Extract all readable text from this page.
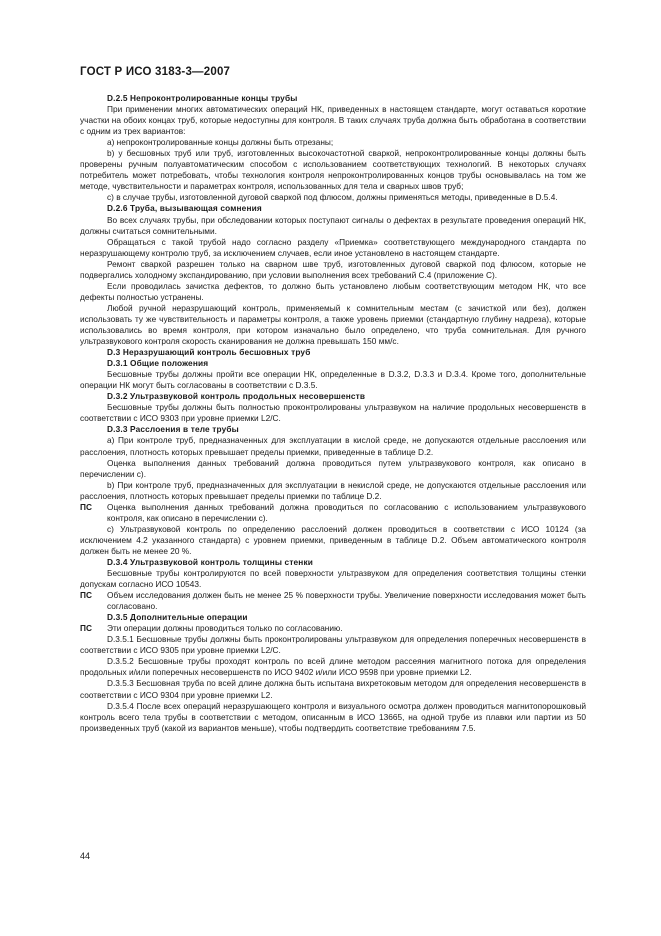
ГОСТ Р ИСО 3183-3—2007

D.2.5 Непроконтролированные концы трубы

При применении многих автоматических операций НК, приведенных в настоящем стандарте, могут оставаться короткие участки на обоих концах труб, которые недоступны для контроля. В таких случаях труба должна быть обработана в соответствии с одним из трех вариантов:

a) непроконтролированные концы должны быть отрезаны;

b) у бесшовных труб или труб, изготовленных высокочастотной сваркой, непроконтролированные концы должны быть проверены ручным полуавтоматическим способом с использованием соответствующих технологий. В некоторых случаях потребитель может потребовать, чтобы технология контроля непроконтролированных концов трубы основывалась на том же методе, чувствительности и параметрах контроля, использованных для тела и сварных швов труб;

c) в случае трубы, изготовленной дуговой сваркой под флюсом, должны применяться методы, приведенные в D.5.4.

D.2.6 Труба, вызывающая сомнения

Во всех случаях трубы, при обследовании которых поступают сигналы о дефектах в результате проведения операций НК, должны считаться сомнительными.

Обращаться с такой трубой надо согласно разделу «Приемка» соответствующего международного стандарта по неразрушающему контролю труб, за исключением случаев, если иное установлено в настоящем стандарте.

Ремонт сваркой разрешен только на сварном шве труб, изготовленных дуговой сваркой под флюсом, которые не подвергались холодному экспандированию, при условии выполнения всех требований С.4 (приложение С).

Если проводилась зачистка дефектов, то должно быть установлено любым соответствующим методом НК, что все дефекты полностью устранены.

Любой ручной неразрушающий контроль, применяемый к сомнительным местам (с зачисткой или без), должен использовать ту же чувствительность и параметры контроля, а также уровень приемки (стандартную глубину надреза), которые использовались во время контроля, при котором изначально было определено, что труба сомнительная. Для ручного ультразвукового контроля скорость сканирования не должна превышать 150 мм/с.

D.3 Неразрушающий контроль бесшовных труб

D.3.1 Общие положения

Бесшовные трубы должны пройти все операции НК, определенные в D.3.2, D.3.3 и D.3.4. Кроме того, дополнительные операции НК могут быть согласованы в соответствии с D.3.5.

D.3.2 Ультразвуковой контроль продольных несовершенств

Бесшовные трубы должны быть полностью проконтролированы ультразвуком на наличие продольных несовершенств в соответствии с ИСО 9303 при уровне приемки L2/C.

D.3.3 Расслоения в теле трубы

a) При контроле труб, предназначенных для эксплуатации в кислой среде, не допускаются отдельные расслоения или расслоения, плотность которых превышает пределы приемки, приведенные в таблице D.2.

Оценка выполнения данных требований должна проводиться путем ультразвукового контроля, как описано в перечислении с).

b) При контроле труб, предназначенных для эксплуатации в некислой среде, не допускаются отдельные расслоения или расслоения, плотность которых превышает пределы приемки по таблице D.2.

ПС Оценка выполнения данных требований должна проводиться по согласованию с использованием ультразвукового контроля, как описано в перечислении с).

c) Ультразвуковой контроль по определению расслоений должен проводиться в соответствии с ИСО 10124 (за исключением 4.2 указанного стандарта) с уровнем приемки, приведенным в таблице D.2. Объем автоматического контроля должен быть не менее 20 %.

D.3.4 Ультразвуковой контроль толщины стенки

Бесшовные трубы контролируются по всей поверхности ультразвуком для определения соответствия толщины стенки допускам согласно ИСО 10543.

ПС Объем исследования должен быть не менее 25 % поверхности трубы. Увеличение поверхности исследования может быть согласовано.

D.3.5 Дополнительные операции

ПС Эти операции должны проводиться только по согласованию.

D.3.5.1 Бесшовные трубы должны быть проконтролированы ультразвуком для определения поперечных несовершенств в соответствии с ИСО 9305 при уровне приемки L2/C.

D.3.5.2 Бесшовные трубы проходят контроль по всей длине методом рассеяния магнитного потока для определения продольных и/или поперечных несовершенств по ИСО 9402 и/или ИСО 9598 при уровне приемки L2.

D.3.5.3 Бесшовная труба по всей длине должна быть испытана вихретоковым методом для определения несовершенств в соответствии с ИСО 9304 при уровне приемки L2.

D.3.5.4 После всех операций неразрушающего контроля и визуального осмотра должен проводиться магнитопорошковый контроль всего тела трубы в соответствии с методом, описанным в ИСО 13665, на одной трубе из плавки или партии из 50 произведенных труб (какой из вариантов меньше), чтобы подтвердить соответствие требованиям 7.5.

44
